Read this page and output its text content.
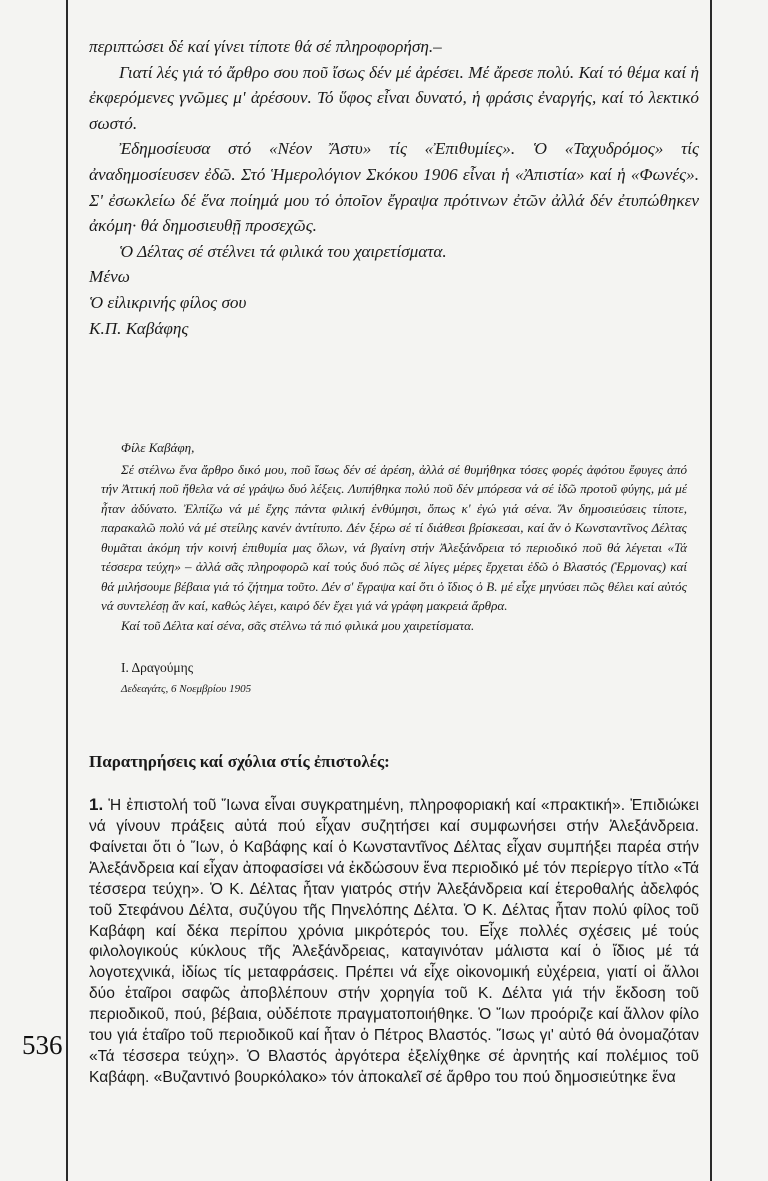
536

περιπτώσει δέ καί γίνει τίποτε θά σέ πληροφορήση.–

Γιατί λές γιά τό ἄρθρο σου ποῦ ἴσως δέν μέ ἀρέσει. Μέ ἄρεσε πολύ. Καί τό θέμα καί ἡ ἐκφερόμενες γνῶμες μ' ἀρέσουν. Τό ὕφος εἶναι δυνατό, ἡ φράσις ἐναργής, καί τό λεκτικό σωστό.

Ἐδημοσίευσα στό «Νέον Ἄστυ» τίς «Ἐπιθυμίες». Ὁ «Ταχυδρόμος» τίς ἀναδημοσίευσεν ἐδῶ. Στό Ἡμερολόγιον Σκόκου 1906 εἶναι ἡ «Ἀπιστία» καί ἡ «Φωνές». Σ' ἐσωκλείω δέ ἕνα ποίημά μου τό ὁποῖον ἔγραψα πρότινων ἐτῶν ἀλλά δέν ἐτυπώθηκεν ἀκόμη· θά δημοσιευθῇ προσεχῶς.

Ὁ Δέλτας σέ στέλνει τά φιλικά του χαιρετίσματα.

Μένω

Ὁ εἰλικρινής φίλος σου

Κ.Π. Καβάφης

Φίλε Καβάφη,

Σέ στέλνω ἕνα ἄρθρο δικό μου, ποῦ ἴσως δέν σέ ἀρέση, ἀλλά σέ θυμήθηκα τόσες φορές ἀφότου ἔφυγες ἀπό τήν Ἀττική ποῦ ἤθελα νά σέ γράψω δυό λέξεις. Λυπήθηκα πολύ ποῦ δέν μπόρεσα νά σέ ἰδῶ προτοῦ φύγης, μά μέ ἦταν ἀδύνατο. Ἐλπίζω νά μέ ἔχης πάντα φιλική ἐνθύμησι, ὅπως κ' ἐγώ γιά σένα. Ἄν δημοσιεύσεις τίποτε, παρακαλῶ πολύ νά μέ στείλης κανέν ἀντίτυπο. Δέν ξέρω σέ τί διάθεσι βρίσκεσαι, καί ἄν ὁ Κωνσταντῖνος Δέλτας θυμᾶται ἀκόμη τήν κοινή ἐπιθυμία μας ὅλων, νά βγαίνη στήν Ἀλεξάνδρεια τό περιοδικό ποῦ θά λέγεται «Τά τέσσερα τεύχη» – ἀλλά σᾶς πληροφορῶ καί τούς δυό πῶς σέ λίγες μέρες ἔρχεται ἐδῶ ὁ Βλαστός (Ἑρμονας) καί θά μιλήσουμε βέβαια γιά τό ζήτημα τοῦτο. Δέν σ' ἔγραψα καί ὅτι ὁ ἴδιος ὁ Β. μέ εἶχε μηνύσει πῶς θέλει καί αὐτός νά συντελέσῃ ἄν καί, καθώς λέγει, καιρό δέν ἔχει γιά νά γράφη μακρειά ἄρθρα.

Καί τοῦ Δέλτα καί σένα, σᾶς στέλνω τά πιό φιλικά μου χαιρετίσματα.

Ι. Δραγούμης

Δεδεαγάτς, 6 Νοεμβρίου 1905

Παρατηρήσεις καί σχόλια στίς ἐπιστολές:

1. Ἡ ἐπιστολή τοῦ Ἴωνα εἶναι συγκρατημένη, πληροφοριακή καί «πρακτική». Ἐπιδιώκει νά γίνουν πράξεις αὐτά πού εἶχαν συζητήσει καί συμφωνήσει στήν Ἀλεξάνδρεια. Φαίνεται ὅτι ὁ Ἴων, ὁ Καβάφης καί ὁ Κωνσταντῖνος Δέλτας εἶχαν συμπήξει παρέα στήν Ἀλεξάνδρεια καί εἶχαν ἀποφασίσει νά ἐκδώσουν ἕνα περιοδικό μέ τόν περίεργο τίτλο «Τά τέσσερα τεύχη». Ὁ Κ. Δέλτας ἦταν γιατρός στήν Ἀλεξάνδρεια καί ἑτεροθαλής ἀδελφός τοῦ Στεφάνου Δέλτα, συζύγου τῆς Πηνελόπης Δέλτα. Ὁ Κ. Δέλτας ἦταν πολύ φίλος τοῦ Καβάφη καί δέκα περίπου χρόνια μικρότερός του. Εἶχε πολλές σχέσεις μέ τούς φιλολογικούς κύκλους τῆς Ἀλεξάνδρειας, καταγινόταν μάλιστα καί ὁ ἴδιος μέ τά λογοτεχνικά, ἰδίως τίς μεταφράσεις. Πρέπει νά εἶχε οἰκονομική εὐχέρεια, γιατί οἱ ἄλλοι δύο ἑταῖροι σαφῶς ἀποβλέπουν στήν χορηγία τοῦ Κ. Δέλτα γιά τήν ἔκδοση τοῦ περιοδικοῦ, πού, βέβαια, οὐδέποτε πραγματοποιήθηκε. Ὁ Ἴων προόριζε καί ἄλλον φίλο του γιά ἑταῖρο τοῦ περιοδικοῦ καί ἦταν ὁ Πέτρος Βλαστός. Ἴσως γι' αὐτό θά ὀνομαζόταν «Τά τέσσερα τεύχη». Ὁ Βλαστός ἀργότερα ἐξελίχθηκε σέ ἀρνητής καί πολέμιος τοῦ Καβάφη. «Βυζαντινό βουρκόλακο» τόν ἀποκαλεῖ σέ ἄρθρο του πού δημοσιεύτηκε ἕνα
